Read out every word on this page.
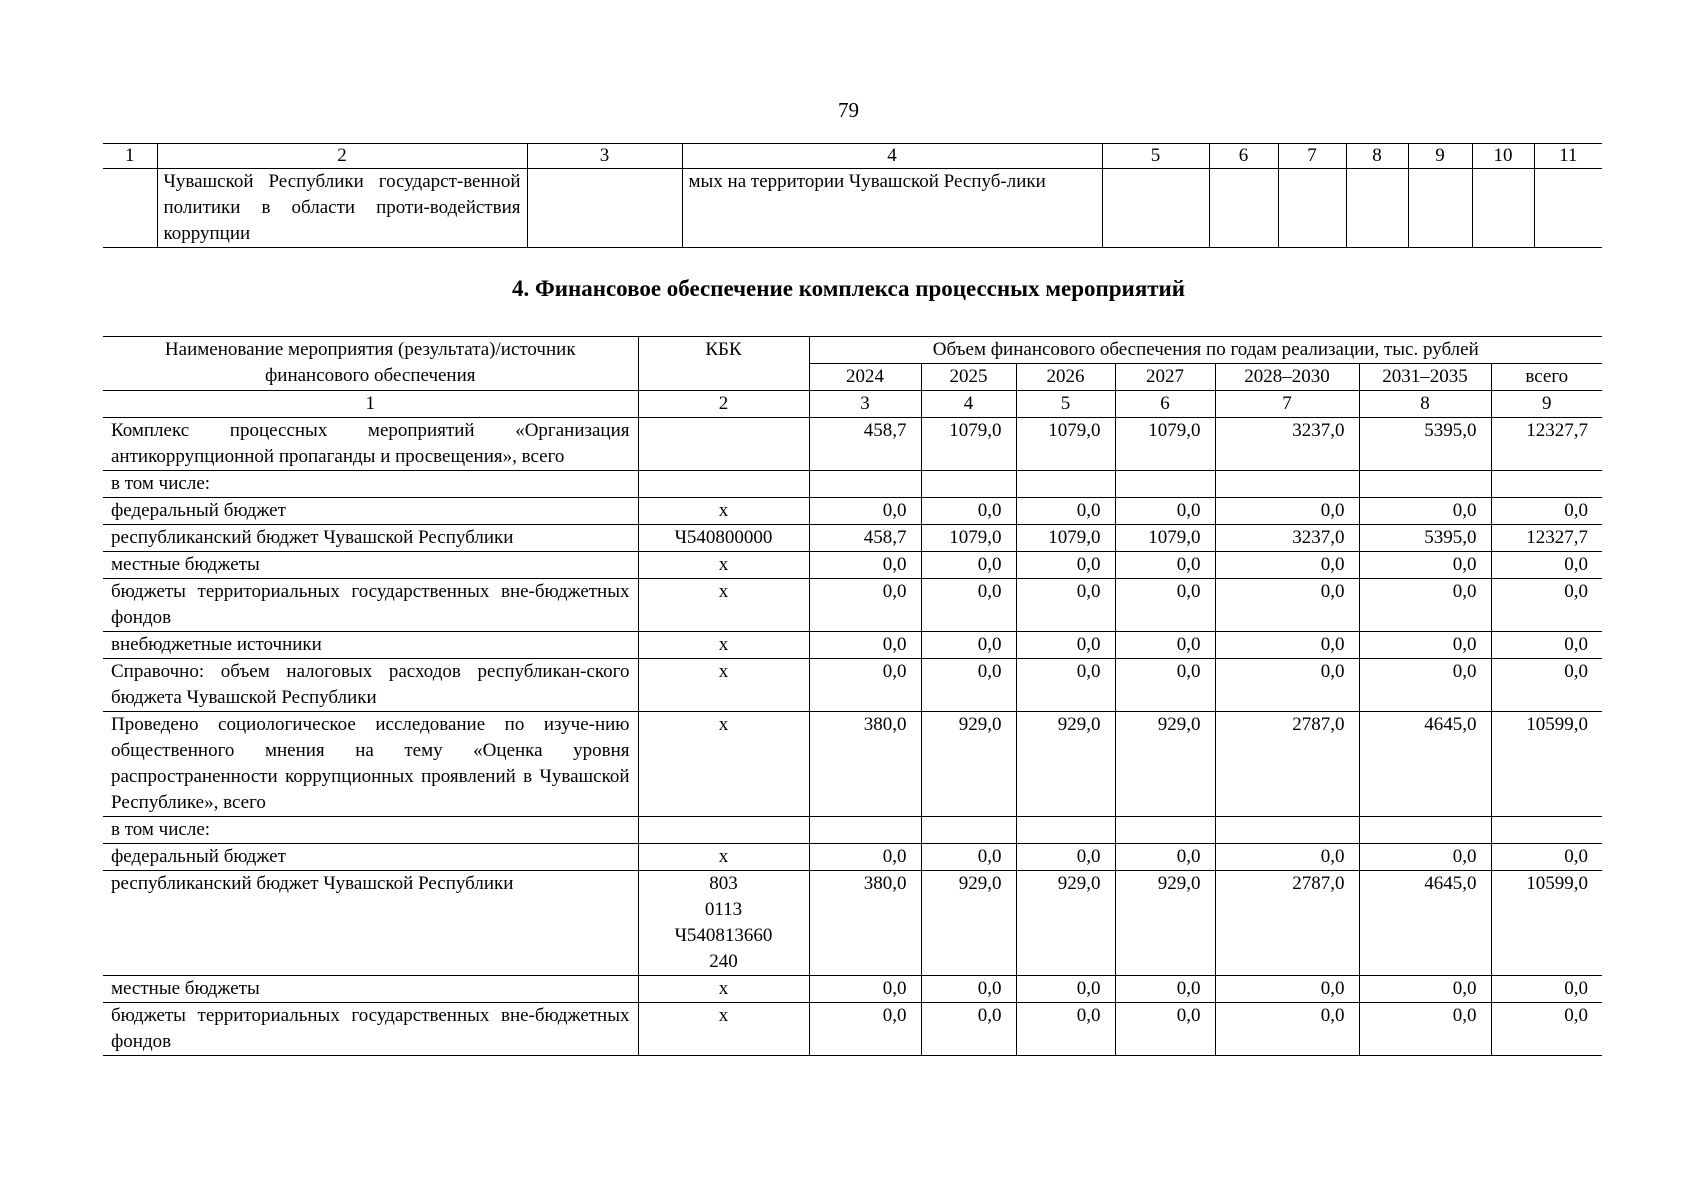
79
1	2	3	4	5	6	7	8	9	10	11
	Чувашской Республики государст-венной политики в области проти-водействия коррупции		мых на территории Чувашской Респуб-лики							
4. Финансовое обеспечение комплекса процессных мероприятий
Наименование мероприятия (результата)/источник финансового обеспечения	КБК	Объем финансового обеспечения по годам реализации, тыс. рублей						
		2024	2025	2026	2027	2028–2030	2031–2035	всего
1	2	3	4	5	6	7	8	9
Комплекс процессных мероприятий «Организация антикоррупционной пропаганды и просвещения», всего		458,7	1079,0	1079,0	1079,0	3237,0	5395,0	12327,7
в том числе:								
федеральный бюджет	x	0,0	0,0	0,0	0,0	0,0	0,0	0,0
республиканский бюджет Чувашской Республики	Ч540800000	458,7	1079,0	1079,0	1079,0	3237,0	5395,0	12327,7
местные бюджеты	x	0,0	0,0	0,0	0,0	0,0	0,0	0,0
бюджеты территориальных государственных вне-бюджетных фондов	x	0,0	0,0	0,0	0,0	0,0	0,0	0,0
внебюджетные источники	x	0,0	0,0	0,0	0,0	0,0	0,0	0,0
Справочно: объем налоговых расходов республикан-ского бюджета Чувашской Республики	x	0,0	0,0	0,0	0,0	0,0	0,0	0,0
Проведено социологическое исследование по изуче-нию общественного мнения на тему «Оценка уровня распространенности коррупционных проявлений в Чувашской Республике», всего	x	380,0	929,0	929,0	929,0	2787,0	4645,0	10599,0
в том числе:								
федеральный бюджет	x	0,0	0,0	0,0	0,0	0,0	0,0	0,0
республиканский бюджет Чувашской Республики	803
0113
Ч540813660
240	380,0	929,0	929,0	929,0	2787,0	4645,0	10599,0
местные бюджеты	x	0,0	0,0	0,0	0,0	0,0	0,0	0,0
бюджеты территориальных государственных вне-бюджетных фондов	x	0,0	0,0	0,0	0,0	0,0	0,0	0,0
